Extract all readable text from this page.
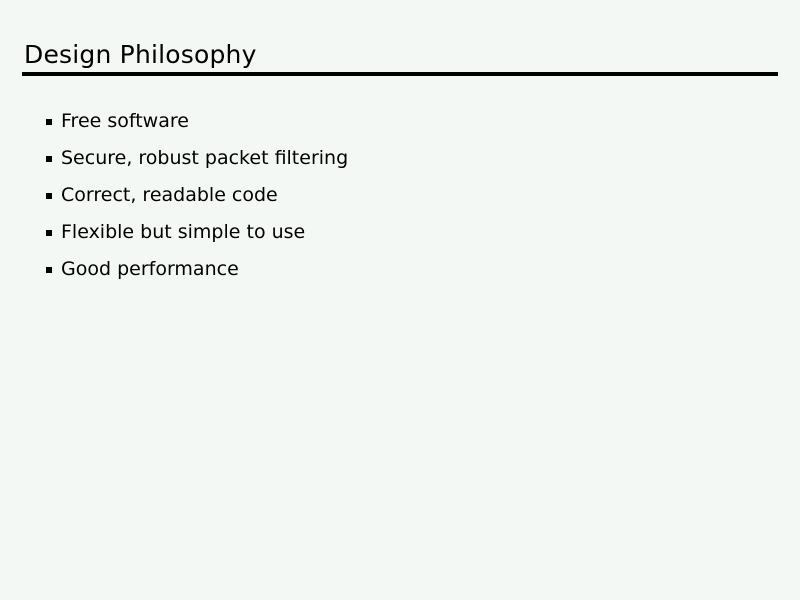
Design Philosophy
Free software
Secure, robust packet filtering
Correct, readable code
Flexible but simple to use
Good performance
